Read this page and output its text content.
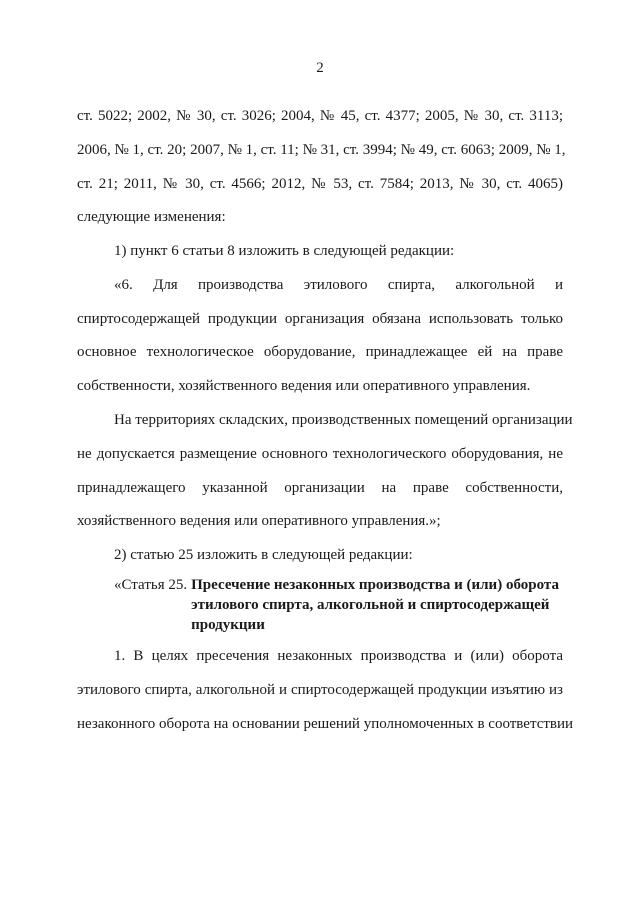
2
ст. 5022; 2002, № 30, ст. 3026; 2004, № 45, ст. 4377; 2005, № 30, ст. 3113;
2006, № 1, ст. 20; 2007, № 1, ст. 11; № 31, ст. 3994; № 49, ст. 6063; 2009, № 1,
ст. 21; 2011, № 30, ст. 4566; 2012, № 53, ст. 7584; 2013, № 30, ст. 4065)
следующие изменения:
1) пункт 6 статьи 8 изложить в следующей редакции:
«6. Для производства этилового спирта, алкогольной и
спиртосодержащей продукции организация обязана использовать только
основное технологическое оборудование, принадлежащее ей на праве
собственности, хозяйственного ведения или оперативного управления.
На территориях складских, производственных помещений организации
не допускается размещение основного технологического оборудования, не
принадлежащего указанной организации на праве собственности,
хозяйственного ведения или оперативного управления.»;
2) статью 25 изложить в следующей редакции:
«Статья 25. Пресечение незаконных производства и (или) оборота
этилового спирта, алкогольной и спиртосодержащей
продукции
1. В целях пресечения незаконных производства и (или) оборота
этилового спирта, алкогольной и спиртосодержащей продукции изъятию из
незаконного оборота на основании решений уполномоченных в соответствии
